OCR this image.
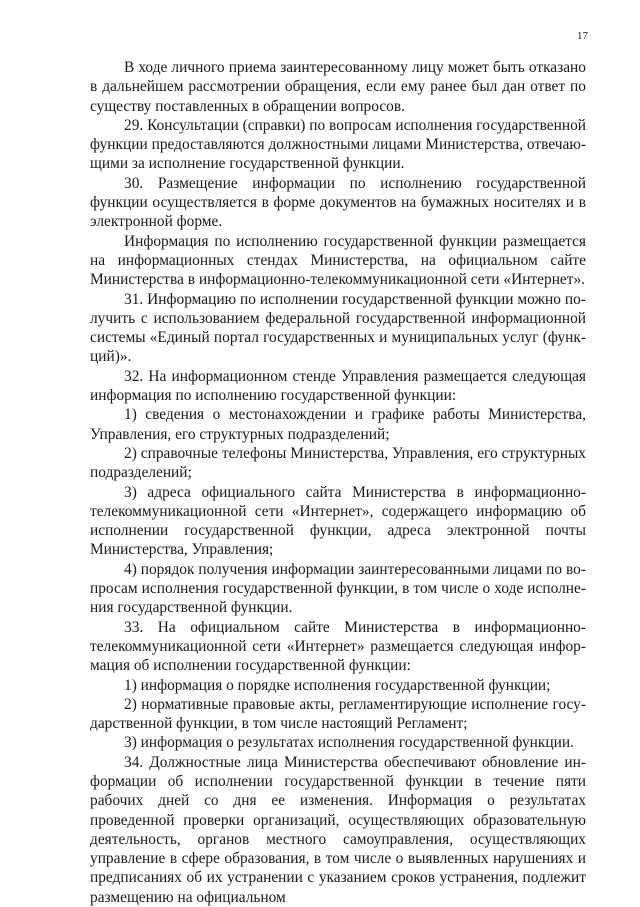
17

В ходе личного приема заинтересованному лицу может быть отказано в дальнейшем рассмотрении обращения, если ему ранее был дан ответ по существу поставленных в обращении вопросов.

29. Консультации (справки) по вопросам исполнения государственной функции предоставляются должностными лицами Министерства, отвечающими за исполнение государственной функции.

30. Размещение информации по исполнению государственной функции осуществляется в форме документов на бумажных носителях и в электронной форме.

Информация по исполнению государственной функции размещается на информационных стендах Министерства, на официальном сайте Министерства в информационно-телекоммуникационной сети «Интернет».

31. Информацию по исполнении государственной функции можно получить с использованием федеральной государственной информационной системы «Единый портал государственных и муниципальных услуг (функций)».

32. На информационном стенде Управления размещается следующая информация по исполнению государственной функции:

1) сведения о местонахождении и графике работы Министерства, Управления, его структурных подразделений;

2) справочные телефоны Министерства, Управления, его структурных подразделений;

3) адреса официального сайта Министерства в информационно-телекоммуникационной сети «Интернет», содержащего информацию об исполнении государственной функции, адреса электронной почты Министерства, Управления;

4) порядок получения информации заинтересованными лицами по вопросам исполнения государственной функции, в том числе о ходе исполнения государственной функции.

33. На официальном сайте Министерства в информационно-телекоммуникационной сети «Интернет» размещается следующая информация об исполнении государственной функции:

1) информация о порядке исполнения государственной функции;

2) нормативные правовые акты, регламентирующие исполнение государственной функции, в том числе настоящий Регламент;

3) информация о результатах исполнения государственной функции.

34. Должностные лица Министерства обеспечивают обновление информации об исполнении государственной функции в течение пяти рабочих дней со дня ее изменения. Информация о результатах проведенной проверки организаций, осуществляющих образовательную деятельность, органов местного самоуправления, осуществляющих управление в сфере образования, в том числе о выявленных нарушениях и предписаниях об их устранении с указанием сроков устранения, подлежит размещению на официальном
